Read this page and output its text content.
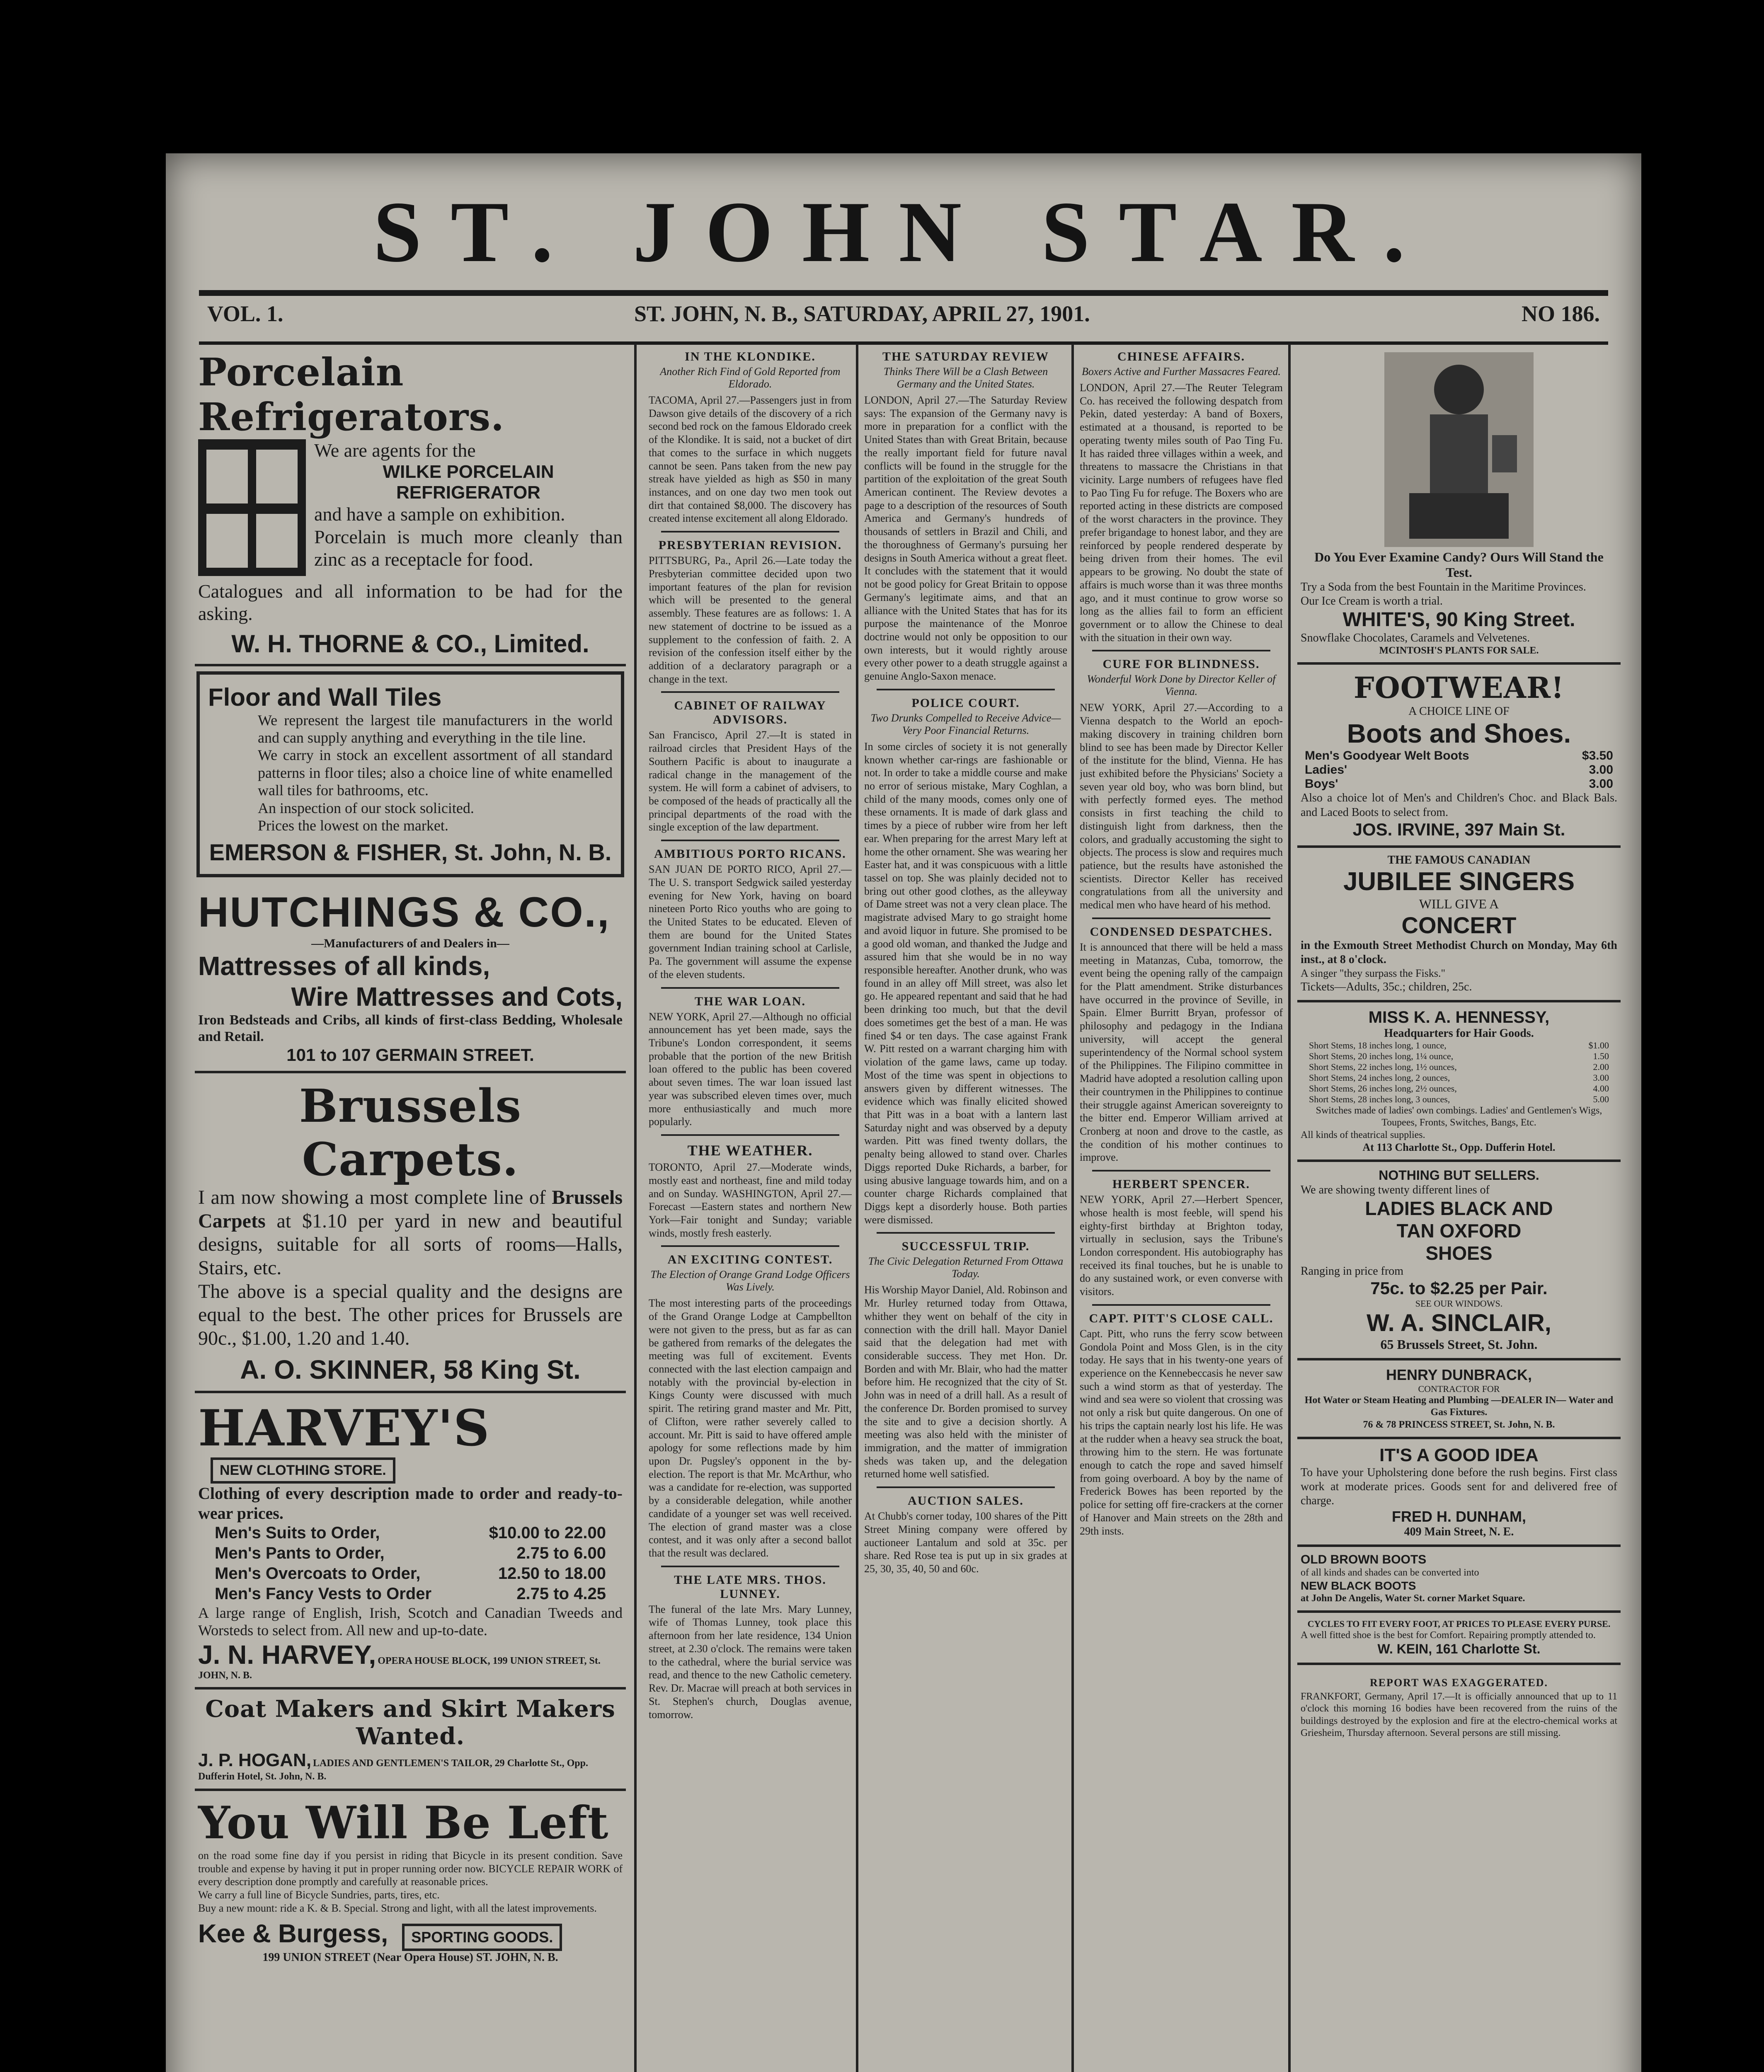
ST. JOHN STAR.
VOL. 1.	ST. JOHN, N. B., SATURDAY, APRIL 27, 1901.	NO 186.
Porcelain Refrigerators.
We are agents for the
WILKE PORCELAIN
REFRIGERATOR
and have a sample on exhibition.
Porcelain is much more cleanly than zinc as a receptacle for food.
Catalogues and all information to be had for the asking.
W. H. THORNE & CO., Limited.
Floor and Wall Tiles
We represent the largest tile manufacturers in the world and can supply anything and everything in the tile line.
We carry in stock an excellent assortment of all standard patterns in floor tiles; also a choice line of white enamelled wall tiles for bathrooms, etc.
An inspection of our stock solicited.
Prices the lowest on the market.
EMERSON & FISHER, St. John, N. B.
HUTCHINGS & CO.,
—Manufacturers of and Dealers in—
Mattresses of all kinds,
Wire Mattresses and Cots,
Iron Bedsteads and Cribs, all kinds of first-class Bedding, Wholesale and Retail.
101 to 107 GERMAIN STREET.
Brussels Carpets.
I am now showing a most complete line of Brussels Carpets at $1.10 per yard in new and beautiful designs, suitable for all sorts of rooms—Halls, Stairs, etc.
The above is a special quality and the designs are equal to the best. The other prices for Brussels are 90c., $1.00, 1.20 and 1.40.
A. O. SKINNER, 58 King St.
HARVEY'S NEW CLOTHING STORE.
Clothing of every description made to order and ready-to-wear prices.
Men's Suits to Order,	$10.00 to 22.00
Men's Pants to Order,	2.75 to 6.00
Men's Overcoats to Order,	12.50 to 18.00
Men's Fancy Vests to Order	2.75 to 4.25
A large range of English, Irish, Scotch and Canadian Tweeds and Worsteds to select from. All new and up-to-date.
J. N. HARVEY, OPERA HOUSE BLOCK, 199 UNION STREET, St. JOHN, N. B.
Coat Makers and Skirt Makers Wanted.
J. P. HOGAN, LADIES AND GENTLEMEN'S TAILOR, 29 Charlotte St., Opp. Dufferin Hotel, St. John, N. B.
You Will Be Left
on the road some fine day if you persist in riding that Bicycle in its present condition. Save trouble and expense by having it put in proper running order now. BICYCLE REPAIR WORK of every description done promptly and carefully at reasonable prices.
We carry a full line of Bicycle Sundries, parts, tires, etc.
Buy a new mount: ride a K. & B. Special. Strong and light, with all the latest improvements.
Kee & Burgess, SPORTING GOODS.
199 UNION STREET (Near Opera House) ST. JOHN, N. B.
IN THE KLONDIKE.
Another Rich Find of Gold Reported from Eldorado.
TACOMA, April 27.—Passengers just in from Dawson give details of the discovery of a rich second bed rock on the famous Eldorado creek of the Klondike. It is said, not a bucket of dirt that comes to the surface in which nuggets cannot be seen. Pans taken from the new pay streak have yielded as high as $50 in many instances, and on one day two men took out dirt that contained $8,000. The discovery has created intense excitement all along Eldorado.
PRESBYTERIAN REVISION.
PITTSBURG, Pa., April 26.—Late today the Presbyterian committee decided upon two important features of the plan for revision which will be presented to the general assembly. These features are as follows: 1. A new statement of doctrine to be issued as a supplement to the confession of faith. 2. A revision of the confession itself either by the addition of a declaratory paragraph or a change in the text.
CABINET OF RAILWAY ADVISORS.
San Francisco, April 27.—It is stated in railroad circles that President Hays of the Southern Pacific is about to inaugurate a radical change in the management of the system. He will form a cabinet of advisers, to be composed of the heads of practically all the principal departments of the road with the single exception of the law department.
AMBITIOUS PORTO RICANS.
SAN JUAN DE PORTO RICO, April 27.—The U. S. transport Sedgwick sailed yesterday evening for New York, having on board nineteen Porto Rico youths who are going to the United States to be educated. Eleven of them are bound for the United States government Indian training school at Carlisle, Pa. The government will assume the expense of the eleven students.
THE WAR LOAN.
NEW YORK, April 27.—Although no official announcement has yet been made, says the Tribune's London correspondent, it seems probable that the portion of the new British loan offered to the public has been covered about seven times. The war loan issued last year was subscribed eleven times over, much more enthusiastically and much more popularly.
THE WEATHER.
TORONTO, April 27.—Moderate winds, mostly east and northeast, fine and mild today and on Sunday. WASHINGTON, April 27.—Forecast —Eastern states and northern New York—Fair tonight and Sunday; variable winds, mostly fresh easterly.
AN EXCITING CONTEST.
The Election of Orange Grand Lodge Officers Was Lively.
The most interesting parts of the proceedings of the Grand Orange Lodge at Campbellton were not given to the press, but as far as can be gathered from remarks of the delegates the meeting was full of excitement. Events connected with the last election campaign and notably with the provincial by-election in Kings County were discussed with much spirit. The retiring grand master and Mr. Pitt, of Clifton, were rather severely called to account. Mr. Pitt is said to have offered ample apology for some reflections made by him upon Dr. Pugsley's opponent in the by-election. The report is that Mr. McArthur, who was a candidate for re-election, was supported by a considerable delegation, while another candidate of a younger set was well received. The election of grand master was a close contest, and it was only after a second ballot that the result was declared.
THE LATE MRS. THOS. LUNNEY.
The funeral of the late Mrs. Mary Lunney, wife of Thomas Lunney, took place this afternoon from her late residence, 134 Union street, at 2.30 o'clock. The remains were taken to the cathedral, where the burial service was read, and thence to the new Catholic cemetery. Rev. Dr. Macrae will preach at both services in St. Stephen's church, Douglas avenue, tomorrow.
THE SATURDAY REVIEW
Thinks There Will be a Clash Between Germany and the United States.
LONDON, April 27.—The Saturday Review says: The expansion of the Germany navy is more in preparation for a conflict with the United States than with Great Britain, because the really important field for future naval conflicts will be found in the struggle for the partition of the exploitation of the great South American continent. The Review devotes a page to a description of the resources of South America and Germany's hundreds of thousands of settlers in Brazil and Chili, and the thoroughness of Germany's pursuing her designs in South America without a great fleet. It concludes with the statement that it would not be good policy for Great Britain to oppose Germany's legitimate aims, and that an alliance with the United States that has for its purpose the maintenance of the Monroe doctrine would not only be opposition to our own interests, but it would rightly arouse every other power to a death struggle against a genuine Anglo-Saxon menace.
POLICE COURT.
Two Drunks Compelled to Receive Advice—Very Poor Financial Returns.
In some circles of society it is not generally known whether car-rings are fashionable or not. In order to take a middle course and make no error of serious mistake, Mary Coghlan, a child of the many moods, comes only one of these ornaments. It is made of dark glass and times by a piece of rubber wire from her left ear. When preparing for the arrest Mary left at home the other ornament. She was wearing her Easter hat, and it was conspicuous with a little tassel on top. She was plainly decided not to bring out other good clothes, as the alleyway of Dame street was not a very clean place. The magistrate advised Mary to go straight home and avoid liquor in future. She promised to be a good old woman, and thanked the Judge and assured him that she would be in no way responsible hereafter. Another drunk, who was found in an alley off Mill street, was also let go. He appeared repentant and said that he had been drinking too much, but that the devil does sometimes get the best of a man. He was fined $4 or ten days. The case against Frank W. Pitt rested on a warrant charging him with violation of the game laws, came up today. Most of the time was spent in objections to answers given by different witnesses. The evidence which was finally elicited showed that Pitt was in a boat with a lantern last Saturday night and was observed by a deputy warden. Pitt was fined twenty dollars, the penalty being allowed to stand over. Charles Diggs reported Duke Richards, a barber, for using abusive language towards him, and on a counter charge Richards complained that Diggs kept a disorderly house. Both parties were dismissed.
SUCCESSFUL TRIP.
The Civic Delegation Returned From Ottawa Today.
His Worship Mayor Daniel, Ald. Robinson and Mr. Hurley returned today from Ottawa, whither they went on behalf of the city in connection with the drill hall. Mayor Daniel said that the delegation had met with considerable success. They met Hon. Dr. Borden and with Mr. Blair, who had the matter before him. He recognized that the city of St. John was in need of a drill hall. As a result of the conference Dr. Borden promised to survey the site and to give a decision shortly. A meeting was also held with the minister of immigration, and the matter of immigration sheds was taken up, and the delegation returned home well satisfied.
AUCTION SALES.
At Chubb's corner today, 100 shares of the Pitt Street Mining company were offered by auctioneer Lantalum and sold at 35c. per share. Red Rose tea is put up in six grades at 25, 30, 35, 40, 50 and 60c.
CHINESE AFFAIRS.
Boxers Active and Further Massacres Feared.
LONDON, April 27.—The Reuter Telegram Co. has received the following despatch from Pekin, dated yesterday: A band of Boxers, estimated at a thousand, is reported to be operating twenty miles south of Pao Ting Fu. It has raided three villages within a week, and threatens to massacre the Christians in that vicinity. Large numbers of refugees have fled to Pao Ting Fu for refuge. The Boxers who are reported acting in these districts are composed of the worst characters in the province. They prefer brigandage to honest labor, and they are reinforced by people rendered desperate by being driven from their homes. The evil appears to be growing. No doubt the state of affairs is much worse than it was three months ago, and it must continue to grow worse so long as the allies fail to form an efficient government or to allow the Chinese to deal with the situation in their own way.
CURE FOR BLINDNESS.
Wonderful Work Done by Director Keller of Vienna.
NEW YORK, April 27.—According to a Vienna despatch to the World an epoch-making discovery in training children born blind to see has been made by Director Keller of the institute for the blind, Vienna. He has just exhibited before the Physicians' Society a seven year old boy, who was born blind, but with perfectly formed eyes. The method consists in first teaching the child to distinguish light from darkness, then the colors, and gradually accustoming the sight to objects. The process is slow and requires much patience, but the results have astonished the scientists. Director Keller has received congratulations from all the university and medical men who have heard of his method.
CONDENSED DESPATCHES.
It is announced that there will be held a mass meeting in Matanzas, Cuba, tomorrow, the event being the opening rally of the campaign for the Platt amendment. Strike disturbances have occurred in the province of Seville, in Spain. Elmer Burritt Bryan, professor of philosophy and pedagogy in the Indiana university, will accept the general superintendency of the Normal school system of the Philippines. The Filipino committee in Madrid have adopted a resolution calling upon their countrymen in the Philippines to continue their struggle against American sovereignty to the bitter end. Emperor William arrived at Cronberg at noon and drove to the castle, as the condition of his mother continues to improve.
HERBERT SPENCER.
NEW YORK, April 27.—Herbert Spencer, whose health is most feeble, will spend his eighty-first birthday at Brighton today, virtually in seclusion, says the Tribune's London correspondent. His autobiography has received its final touches, but he is unable to do any sustained work, or even converse with visitors.
CAPT. PITT'S CLOSE CALL.
Capt. Pitt, who runs the ferry scow between Gondola Point and Moss Glen, is in the city today. He says that in his twenty-one years of experience on the Kennebeccasis he never saw such a wind storm as that of yesterday. The wind and sea were so violent that crossing was not only a risk but quite dangerous. On one of his trips the captain nearly lost his life. He was at the rudder when a heavy sea struck the boat, throwing him to the stern. He was fortunate enough to catch the rope and saved himself from going overboard. A boy by the name of Frederick Bowes has been reported by the police for setting off fire-crackers at the corner of Hanover and Main streets on the 28th and 29th insts.
Do You Ever Examine Candy? Ours Will Stand the Test.
Try a Soda from the best Fountain in the Maritime Provinces.
Our Ice Cream is worth a trial.
WHITE'S, 90 King Street.
Snowflake Chocolates, Caramels and Velvetenes.
MCINTOSH'S PLANTS FOR SALE.
FOOTWEAR!
A CHOICE LINE OF
Boots and Shoes.
Men's Goodyear Welt Boots	$3.50
Ladies'	3.00
Boys'	3.00
Also a choice lot of Men's and Children's Choc. and Black Bals. and Laced Boots to select from.
JOS. IRVINE, 397 Main St.
THE FAMOUS CANADIAN
JUBILEE SINGERS
WILL GIVE A
CONCERT
in the Exmouth Street Methodist Church on Monday, May 6th inst., at 8 o'clock.
A singer "they surpass the Fisks."
Tickets—Adults, 35c.; children, 25c.
MISS K. A. HENNESSY,
Headquarters for Hair Goods.
Short Stems, 18 inches long, 1 ounce,	$1.00
Short Stems, 20 inches long, 1¼ ounce,	1.50
Short Stems, 22 inches long, 1½ ounces,	2.00
Short Stems, 24 inches long, 2 ounces,	3.00
Short Stems, 26 inches long, 2½ ounces,	4.00
Short Stems, 28 inches long, 3 ounces,	5.00
Switches made of ladies' own combings. Ladies' and Gentlemen's Wigs, Toupees, Fronts, Switches, Bangs, Etc.
All kinds of theatrical supplies.
At 113 Charlotte St., Opp. Dufferin Hotel.
NOTHING BUT SELLERS.
We are showing twenty different lines of
LADIES BLACK AND
TAN OXFORD
SHOES
Ranging in price from
75c. to $2.25 per Pair.
SEE OUR WINDOWS.
W. A. SINCLAIR,
65 Brussels Street, St. John.
HENRY DUNBRACK,
CONTRACTOR FOR
Hot Water or Steam Heating and Plumbing —DEALER IN— Water and Gas Fixtures.
76 & 78 PRINCESS STREET, St. John, N. B.
IT'S A GOOD IDEA
To have your Upholstering done before the rush begins. First class work at moderate prices. Goods sent for and delivered free of charge.
FRED H. DUNHAM,
409 Main Street, N. E.
OLD BROWN BOOTS
of all kinds and shades can be converted into
NEW BLACK BOOTS
at John De Angelis, Water St. corner Market Square.
CYCLES TO FIT EVERY FOOT, AT PRICES TO PLEASE EVERY PURSE.
A well fitted shoe is the best for Comfort. Repairing promptly attended to.
W. KEIN, 161 Charlotte St.
REPORT WAS EXAGGERATED.
FRANKFORT, Germany, April 17.—It is officially announced that up to 11 o'clock this morning 16 bodies have been recovered from the ruins of the buildings destroyed by the explosion and fire at the electro-chemical works at Griesheim, Thursday afternoon. Several persons are still missing.
